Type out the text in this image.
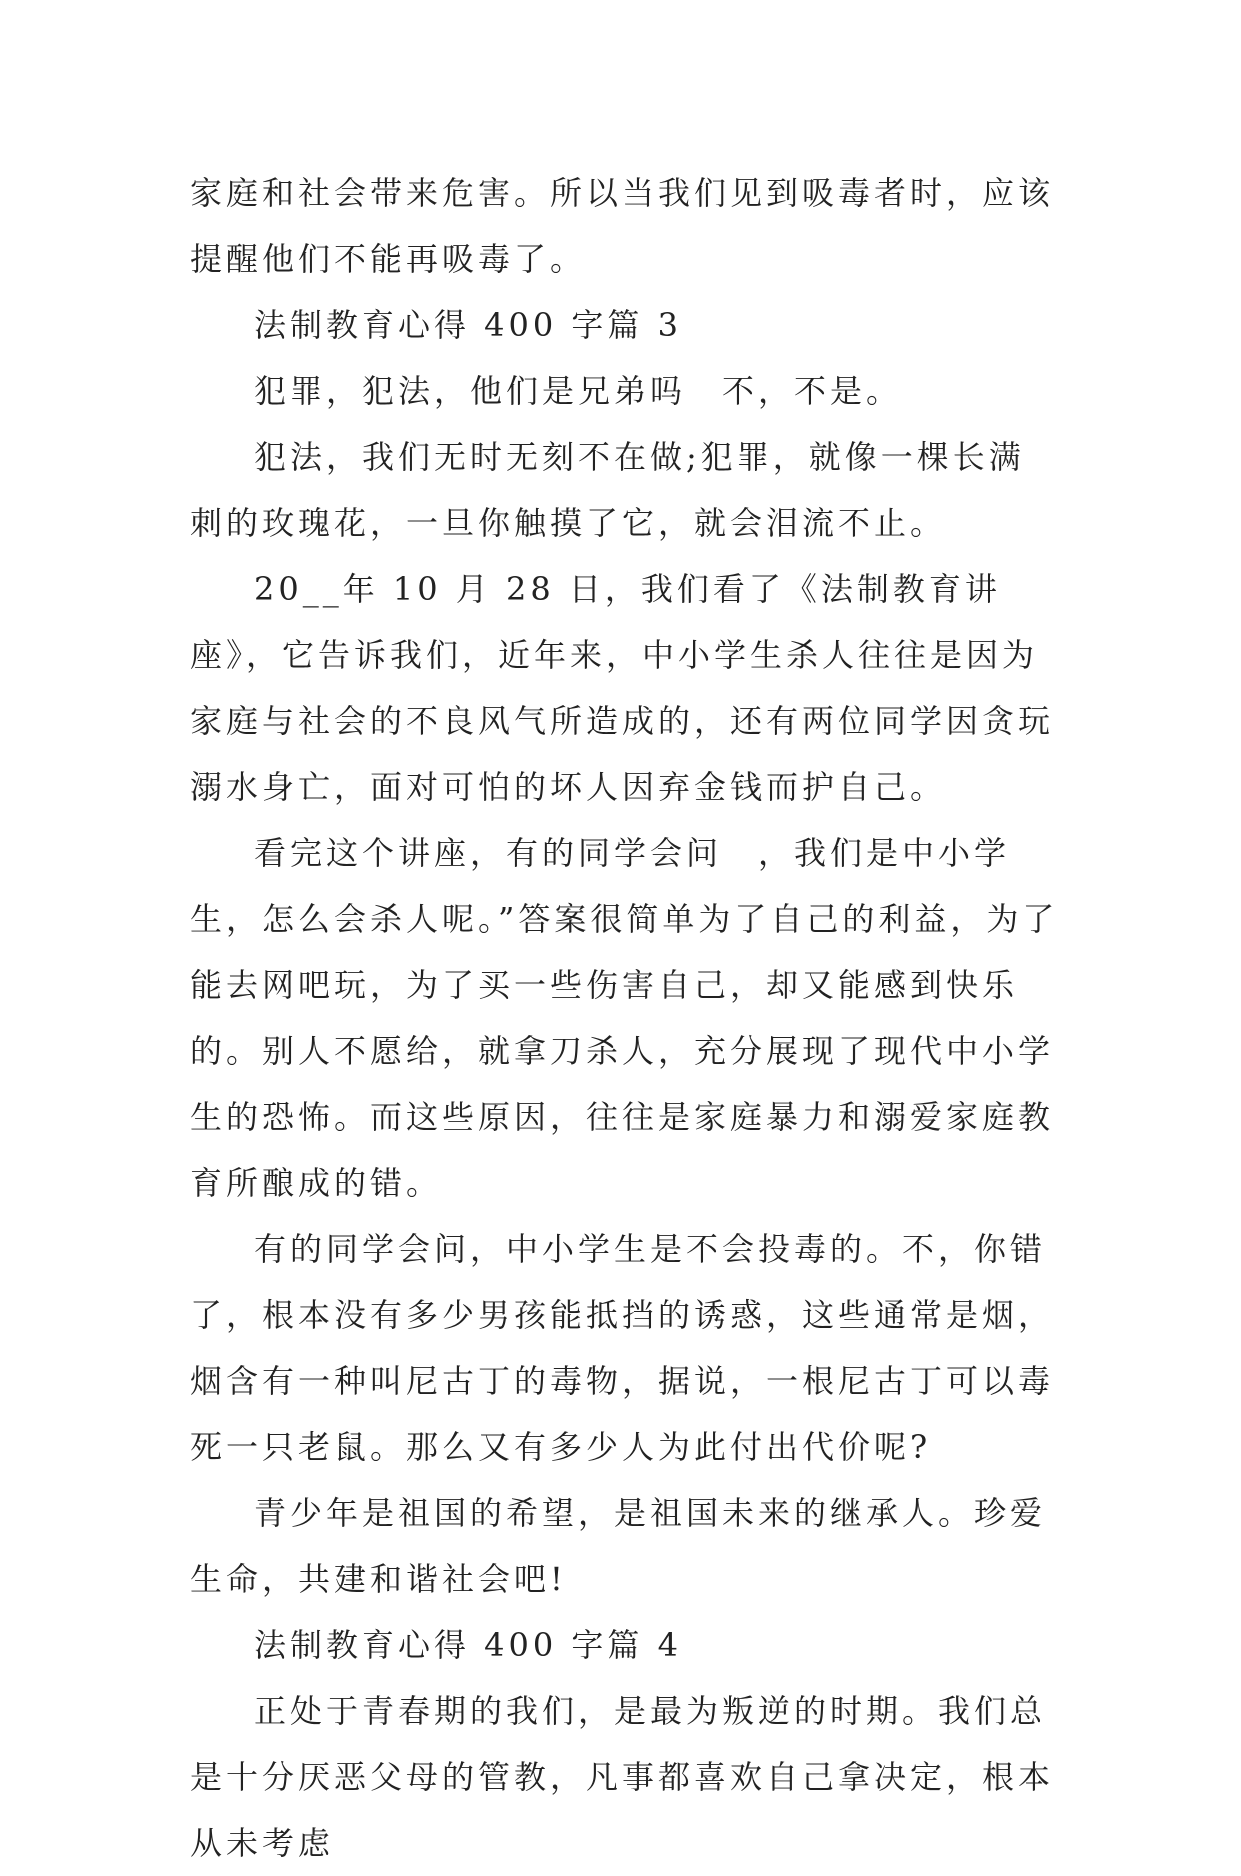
家庭和社会带来危害。所以当我们见到吸毒者时，应该提醒他们不能再吸毒了。

法制教育心得 400 字篇 3

犯罪，犯法，他们是兄弟吗　不，不是。

犯法，我们无时无刻不在做;犯罪，就像一棵长满刺的玫瑰花，一旦你触摸了它，就会泪流不止。

20__年 10 月 28 日，我们看了《法制教育讲座》，它告诉我们，近年来，中小学生杀人往往是因为家庭与社会的不良风气所造成的，还有两位同学因贪玩溺水身亡，面对可怕的坏人因弃金钱而护自己。

看完这个讲座，有的同学会问　，我们是中小学生，怎么会杀人呢。”答案很简单为了自己的利益，为了能去网吧玩，为了买一些伤害自己，却又能感到快乐的。别人不愿给，就拿刀杀人，充分展现了现代中小学生的恐怖。而这些原因，往往是家庭暴力和溺爱家庭教育所酿成的错。

有的同学会问，中小学生是不会投毒的。不，你错了，根本没有多少男孩能抵挡的诱惑，这些通常是烟，烟含有一种叫尼古丁的毒物，据说，一根尼古丁可以毒死一只老鼠。那么又有多少人为此付出代价呢?

青少年是祖国的希望，是祖国未来的继承人。珍爱生命，共建和谐社会吧!

法制教育心得 400 字篇 4

正处于青春期的我们，是最为叛逆的时期。我们总是十分厌恶父母的管教，凡事都喜欢自己拿决定，根本从未考虑
